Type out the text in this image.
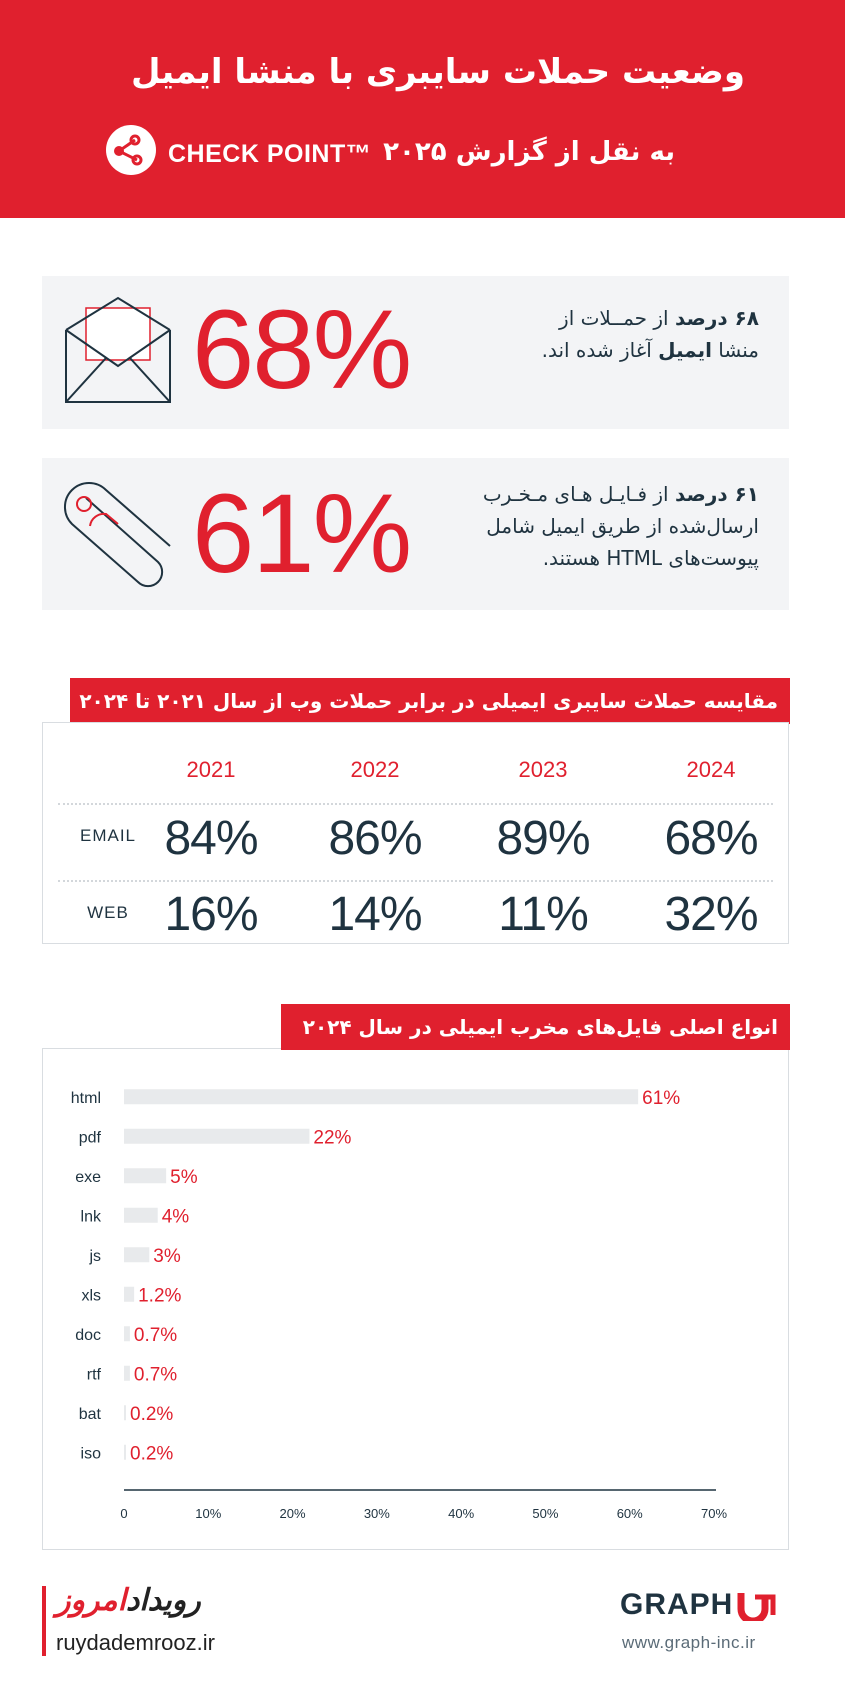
وضعیت حملات سایبری با منشا ایمیل
CHECK POINT™ به نقل از گزارش ۲۰۲۵
68%	۶۸ درصد از حمــلات از
منشا ایمیل آغاز شده اند.
61%	۶۱ درصد از فـایـل هـای مـخـرب
ارسال‌شده از طریق ایمیل شامل
پیوست‌های HTML هستند.
مقایسه حملات سایبری ایمیلی در برابر حملات وب از سال ۲۰۲۱ تا ۲۰۲۴
2021	2022	2023	2024
EMAIL 84%	86%	89%	68%
WEB 16%	14%	11%	32%
html	61%
pdf	22%
exe	5%
lnk	4%
js	3%
xls 1.2%
doc 0.7%
rtf 0.7%
bat 0.2%
iso 0.2%
0	10%	20%	30%	40%	50%	60%	70%
انواع اصلی فایل‌های مخرب ایمیلی در سال ۲۰۲۴
رویدادامروز
ruydademrooz.ir
GRAPH
www.graph-inc.ir
